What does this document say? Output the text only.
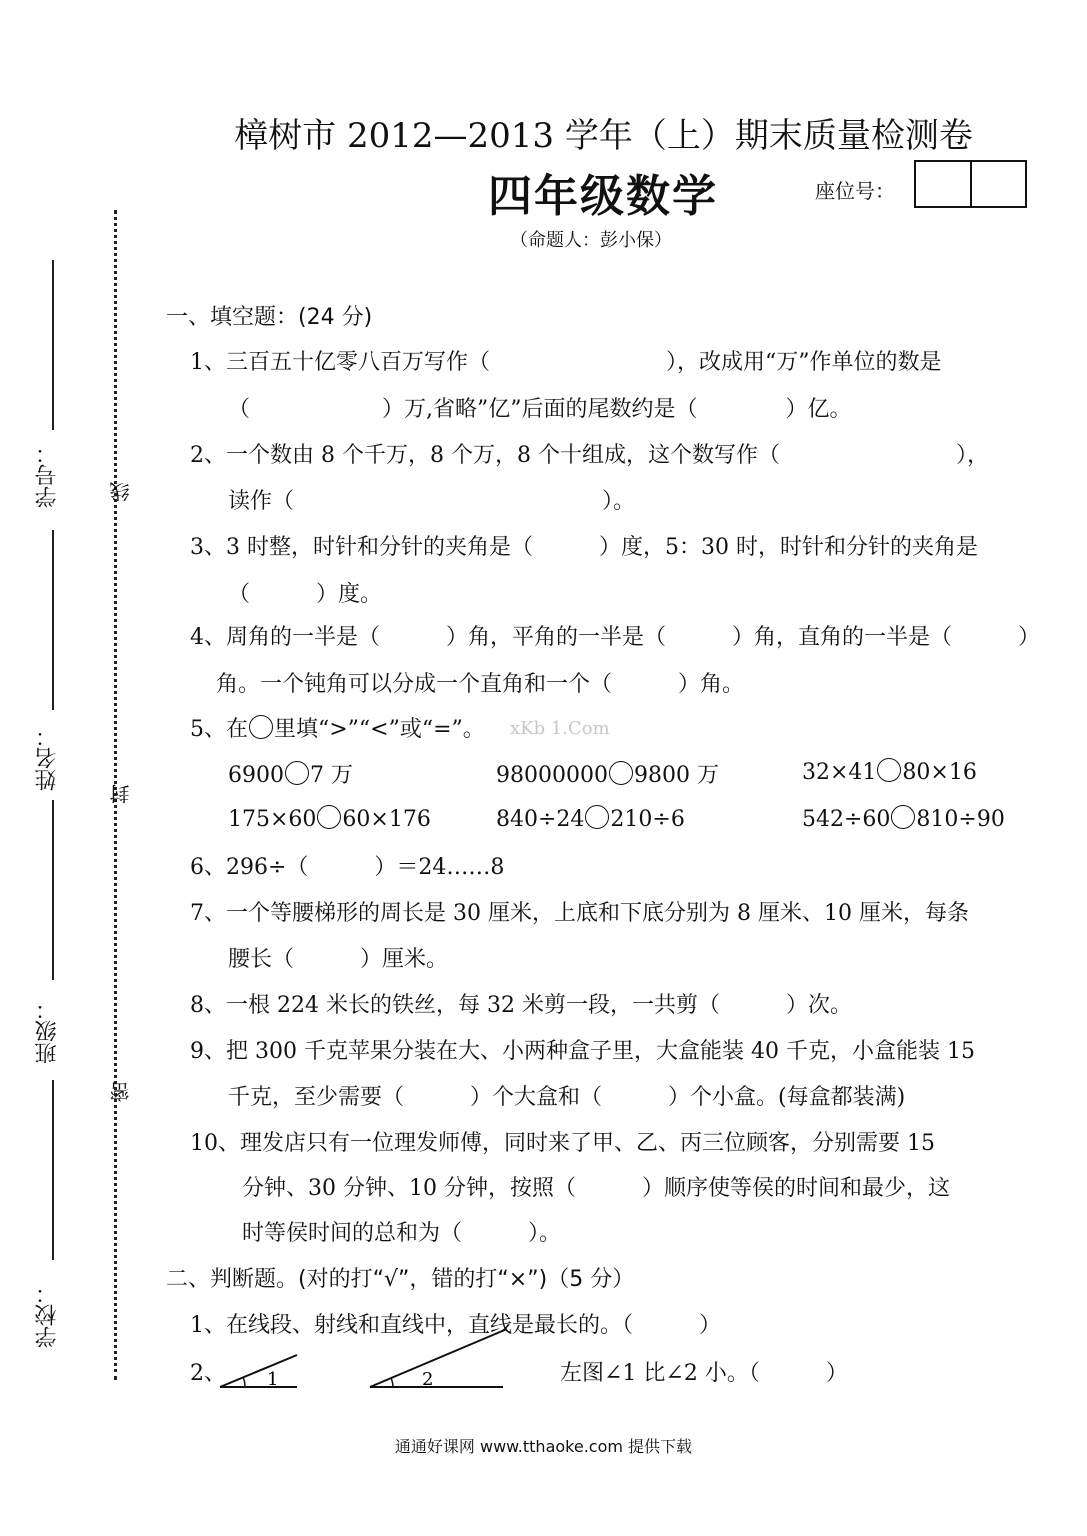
樟树市 2012—2013 学年（上）期末质量检测卷
四年级数学	座位号：
（命题人：彭小保）
学号：
姓名：
班级：
学校：
线
封
密
一、填空题：(24 分)
1、三百五十亿零八百万写作（　　　　　　　　），改成用“万”作单位的数是
（　　　　　　）万,省略”亿”后面的尾数约是（　　　　）亿。
2、一个数由 8 个千万，8 个万，8 个十组成，这个数写作（　　　　　　　　），
读作（　　　　　　　　　　　　　　）。
3、3 时整，时针和分针的夹角是（　　　）度，5：30 时，时针和分针的夹角是
（　　　）度。
4、周角的一半是（　　　）角，平角的一半是（　　　）角，直角的一半是（　　　）
角。一个钝角可以分成一个直角和一个（　　　）角。
5、在 里填“>”“<”或“=”。 xKb 1.Com
6900 7 万	98000000 9800 万	32×41 80×16
175×60 60×176	840÷24 210÷6	542÷60 810÷90
6、296÷（　　　）＝24……8
7、一个等腰梯形的周长是 30 厘米，上底和下底分别为 8 厘米、10 厘米，每条
腰长（　　　）厘米。
8、一根 224 米长的铁丝，每 32 米剪一段，一共剪（　　　）次。
9、把 300 千克苹果分装在大、小两种盒子里，大盒能装 40 千克，小盒能装 15
千克，至少需要（　　　）个大盒和（　　　）个小盒。(每盒都装满)
10、理发店只有一位理发师傅，同时来了甲、乙、丙三位顾客，分别需要 15
分钟、30 分钟、10 分钟，按照（　　　）顺序使等侯的时间和最少，这
时等侯时间的总和为（　　　）。
二、判断题。(对的打“√”，错的打“×”)（5 分）
1、在线段、射线和直线中，直线是最长的。（　　　）
2、 1	2	左图∠1 比∠2 小。（　　　）
通通好课网 www.tthaoke.com 提供下载
